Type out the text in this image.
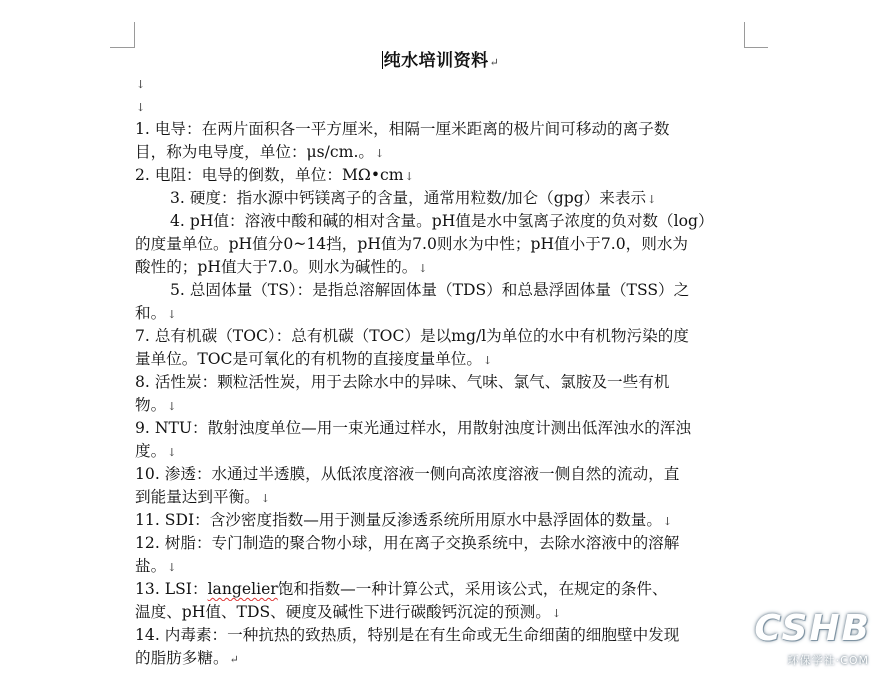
纯水培训资料↵
↓
↓
1. 电导：在两片面积各一平方厘米，相隔一厘米距离的极片间可移动的离子数
目，称为电导度，单位：μs/cm.。↓
2. 电阻：电导的倒数，单位：MΩ•cm↓
3. 硬度：指水源中钙镁离子的含量，通常用粒数/加仑（gpg）来表示↓
4. pH值：溶液中酸和碱的相对含量。pH值是水中氢离子浓度的负对数（log）
的度量单位。pH值分0~14挡，pH值为7.0则水为中性；pH值小于7.0，则水为
酸性的；pH值大于7.0。则水为碱性的。↓
5. 总固体量（TS）：是指总溶解固体量（TDS）和总悬浮固体量（TSS）之
和。↓
7. 总有机碳（TOC）：总有机碳（TOC）是以mg/l为单位的水中有机物污染的度
量单位。TOC是可氧化的有机物的直接度量单位。↓
8. 活性炭：颗粒活性炭，用于去除水中的异味、气味、氯气、氯胺及一些有机
物。↓
9. NTU：散射浊度单位—用一束光通过样水，用散射浊度计测出低浑浊水的浑浊
度。↓
10. 渗透：水通过半透膜，从低浓度溶液一侧向高浓度溶液一侧自然的流动，直
到能量达到平衡。↓
11. SDI：含沙密度指数—用于测量反渗透系统所用原水中悬浮固体的数量。↓
12. 树脂：专门制造的聚合物小球，用在离子交换系统中，去除水溶液中的溶解
盐。↓
13. LSI：langelier饱和指数—一种计算公式，采用该公式，在规定的条件、
温度、pH值、TDS、硬度及碱性下进行碳酸钙沉淀的预测。↓
14. 内毒素：一种抗热的致热质，特别是在有生命或无生命细菌的细胞壁中发现
的脂肪多糖。↵
CSHB
环保学社·COM
